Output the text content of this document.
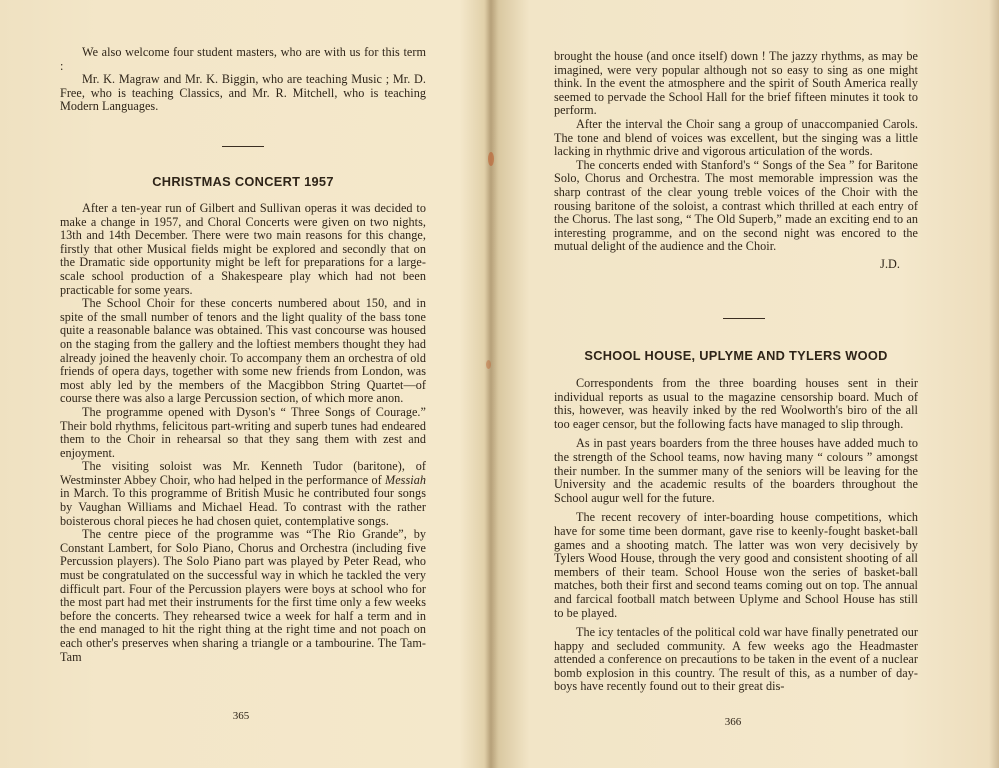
We also welcome four student masters, who are with us for this term :

Mr. K. Magraw and Mr. K. Biggin, who are teaching Music ; Mr. D. Free, who is teaching Classics, and Mr. R. Mitchell, who is teaching Modern Languages.

CHRISTMAS CONCERT 1957

After a ten-year run of Gilbert and Sullivan operas it was decided to make a change in 1957, and Choral Concerts were given on two nights, 13th and 14th December. There were two main reasons for this change, firstly that other Musical fields might be explored and secondly that on the Dramatic side opportunity might be left for preparations for a large-scale school production of a Shakespeare play which had not been practicable for some years.

The School Choir for these concerts numbered about 150, and in spite of the small number of tenors and the light quality of the bass tone quite a reasonable balance was obtained. This vast concourse was housed on the staging from the gallery and the loftiest members thought they had already joined the heavenly choir. To accompany them an orchestra of old friends of opera days, together with some new friends from London, was most ably led by the members of the Macgibbon String Quartet—of course there was also a large Percussion section, of which more anon.

The programme opened with Dyson's “ Three Songs of Courage.” Their bold rhythms, felicitous part-writing and superb tunes had endeared them to the Choir in rehearsal so that they sang them with zest and enjoyment.

The visiting soloist was Mr. Kenneth Tudor (baritone), of Westminster Abbey Choir, who had helped in the performance of Messiah in March. To this programme of British Music he contributed four songs by Vaughan Williams and Michael Head. To contrast with the rather boisterous choral pieces he had chosen quiet, contemplative songs.

The centre piece of the programme was “The Rio Grande”, by Constant Lambert, for Solo Piano, Chorus and Orchestra (including five Percussion players). The Solo Piano part was played by Peter Read, who must be congratulated on the successful way in which he tackled the very difficult part. Four of the Percussion players were boys at school who for the most part had met their instruments for the first time only a few weeks before the concerts. They rehearsed twice a week for half a term and in the end managed to hit the right thing at the right time and not poach on each other's preserves when sharing a triangle or a tambourine. The Tam-Tam

365

brought the house (and once itself) down ! The jazzy rhythms, as may be imagined, were very popular although not so easy to sing as one might think. In the event the atmosphere and the spirit of South America really seemed to pervade the School Hall for the brief fifteen minutes it took to perform.

After the interval the Choir sang a group of unaccompanied Carols. The tone and blend of voices was excellent, but the singing was a little lacking in rhythmic drive and vigorous articulation of the words.

The concerts ended with Stanford's “ Songs of the Sea ” for Baritone Solo, Chorus and Orchestra. The most memorable impression was the sharp contrast of the clear young treble voices of the Choir with the rousing baritone of the soloist, a contrast which thrilled at each entry of the Chorus. The last song, “ The Old Superb,” made an exciting end to an interesting programme, and on the second night was encored to the mutual delight of the audience and the Choir.

J.D.

SCHOOL HOUSE, UPLYME AND TYLERS WOOD

Correspondents from the three boarding houses sent in their individual reports as usual to the magazine censorship board. Much of this, however, was heavily inked by the red Woolworth's biro of the all too eager censor, but the following facts have managed to slip through.

As in past years boarders from the three houses have added much to the strength of the School teams, now having many “ colours ” amongst their number. In the summer many of the seniors will be leaving for the University and the academic results of the boarders throughout the School augur well for the future.

The recent recovery of inter-boarding house competitions, which have for some time been dormant, gave rise to keenly-fought basket-ball games and a shooting match. The latter was won very decisively by Tylers Wood House, through the very good and consistent shooting of all members of their team. School House won the series of basket-ball matches, both their first and second teams coming out on top. The annual and farcical football match between Uplyme and School House has still to be played.

The icy tentacles of the political cold war have finally penetrated our happy and secluded community. A few weeks ago the Headmaster attended a conference on precautions to be taken in the event of a nuclear bomb explosion in this country. The result of this, as a number of day-boys have recently found out to their great dis-

366
